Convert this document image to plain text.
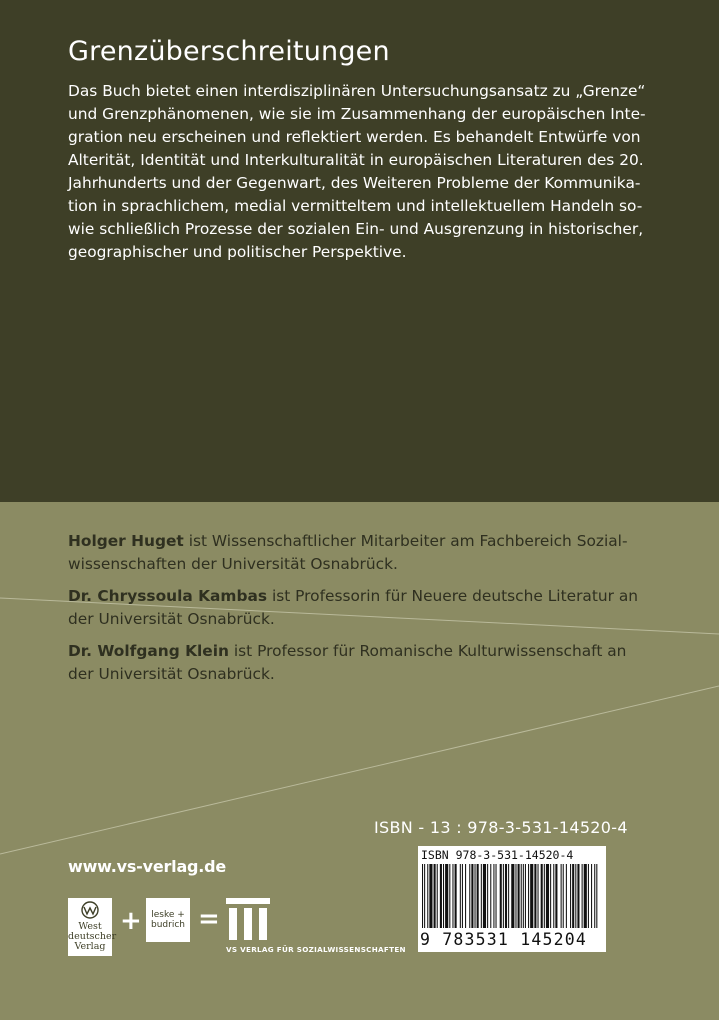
Grenzüberschreitungen
Das Buch bietet einen interdisziplinären Untersuchungsansatz zu „Grenze“
und Grenzphänomenen, wie sie im Zusammenhang der europäischen Inte-
gration neu erscheinen und reflektiert werden. Es behandelt Entwürfe von
Alterität, Identität und Interkulturalität in europäischen Literaturen des 20.
Jahrhunderts und der Gegenwart, des Weiteren Probleme der Kommunika-
tion in sprachlichem, medial vermitteltem und intellektuellem Handeln so-
wie schließlich Prozesse der sozialen Ein- und Ausgrenzung in historischer,
geographischer und politischer Perspektive.
Holger Huget ist Wissenschaftlicher Mitarbeiter am Fachbereich Sozial-
wissenschaften der Universität Osnabrück.
Dr. Chryssoula Kambas ist Professorin für Neuere deutsche Literatur an
der Universität Osnabrück.
Dr. Wolfgang Klein ist Professor für Romanische Kulturwissenschaft an
der Universität Osnabrück.
ISBN - 13 : 978-3-531-14520-4
ISBN 978-3-531-14520-4
9 783531 145204
www.vs-verlag.de
West
deutscher
Verlag
+	leske +
budrich =
VS VERLAG FÜR SOZIALWISSENSCHAFTEN
